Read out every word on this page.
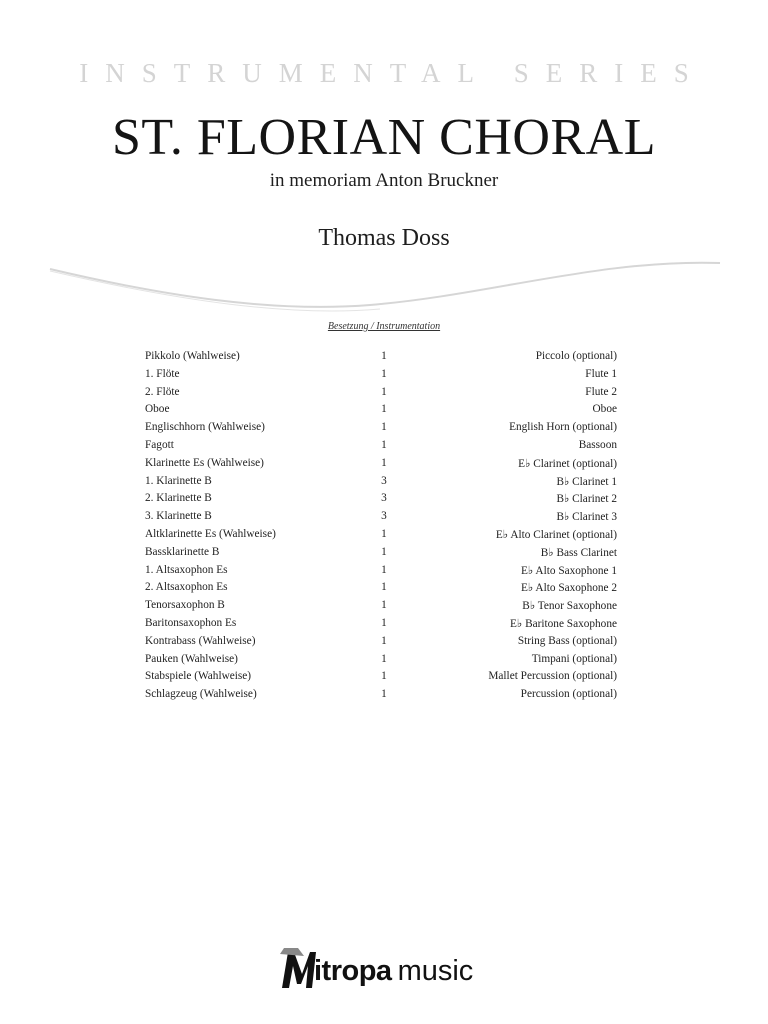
INSTRUMENTAL SERIES
ST. FLORIAN CHORAL
in memoriam Anton Bruckner
Thomas Doss
Besetzung / Instrumentation
Pikkolo (Wahlweise)	1	Piccolo (optional)
1. Flöte	1	Flute 1
2. Flöte	1	Flute 2
Oboe	1	Oboe
Englischhorn (Wahlweise)	1	English Horn (optional)
Fagott	1	Bassoon
Klarinette Es (Wahlweise)	1	E♭ Clarinet (optional)
1. Klarinette B	3	B♭ Clarinet 1
2. Klarinette B	3	B♭ Clarinet 2
3. Klarinette B	3	B♭ Clarinet 3
Altklarinette Es (Wahlweise)	1	E♭ Alto Clarinet (optional)
Bassklarinette B	1	B♭ Bass Clarinet
1. Altsaxophon Es	1	E♭ Alto Saxophone 1
2. Altsaxophon Es	1	E♭ Alto Saxophone 2
Tenorsaxophon B	1	B♭ Tenor Saxophone
Baritonsaxophon Es	1	E♭ Baritone Saxophone
Kontrabass (Wahlweise)	1	String Bass (optional)
Pauken (Wahlweise)	1	Timpani (optional)
Stabspiele (Wahlweise)	1	Mallet Percussion (optional)
Schlagzeug (Wahlweise)	1	Percussion (optional)
itropa music
